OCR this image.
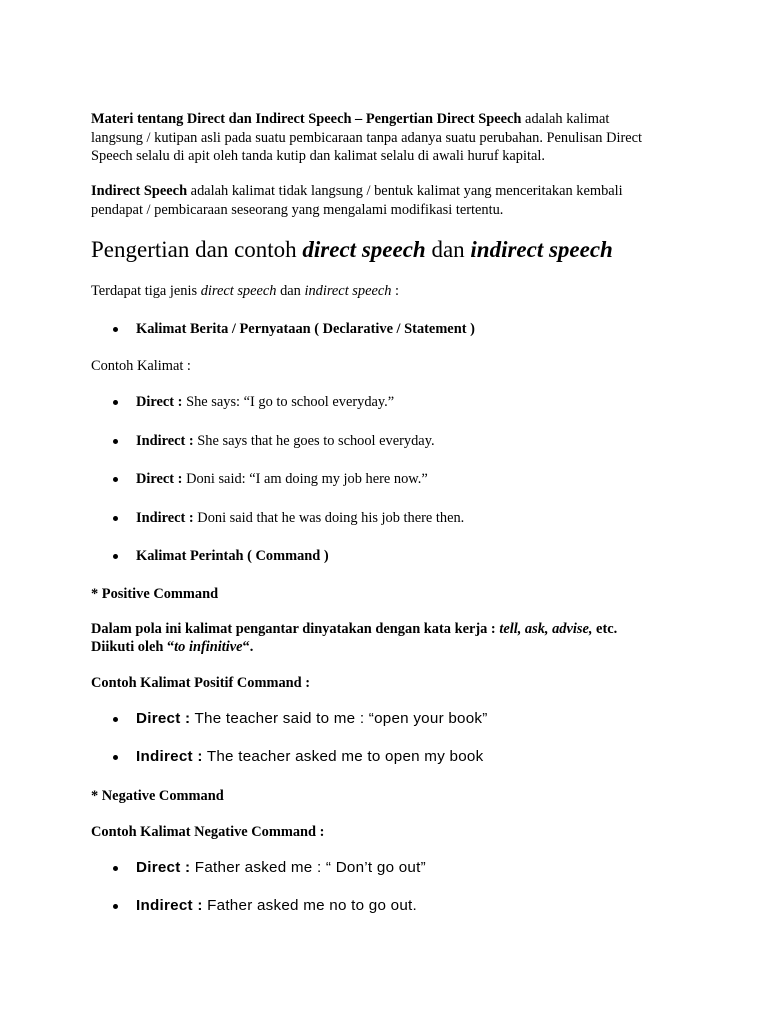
Materi tentang Direct dan Indirect Speech – Pengertian Direct Speech adalah kalimat
langsung / kutipan asli pada suatu pembicaraan tanpa adanya suatu perubahan. Penulisan Direct
Speech selalu di apit oleh tanda kutip dan kalimat selalu di awali huruf kapital.

Indirect Speech adalah kalimat tidak langsung / bentuk kalimat yang menceritakan kembali
pendapat / pembicaraan seseorang yang mengalami modifikasi tertentu.

Pengertian dan contoh direct speech dan indirect speech

Terdapat tiga jenis direct speech dan indirect speech :

Kalimat Berita / Pernyataan ( Declarative / Statement )

Contoh Kalimat :

Direct : She says: “I go to school everyday.”
Indirect : She says that he goes to school everyday.
Direct : Doni said: “I am doing my job here now.”
Indirect : Doni said that he was doing his job there then.
Kalimat Perintah ( Command )

* Positive Command

Dalam pola ini kalimat pengantar dinyatakan dengan kata kerja : tell, ask, advise, etc.
Diikuti oleh “to infinitive“.

Contoh Kalimat Positif Command :

Direct : The teacher said to me : “open your book”
Indirect : The teacher asked me to open my book

* Negative Command

Contoh Kalimat Negative Command :

Direct : Father asked me : “ Don’t go out”
Indirect : Father asked me no to go out.
